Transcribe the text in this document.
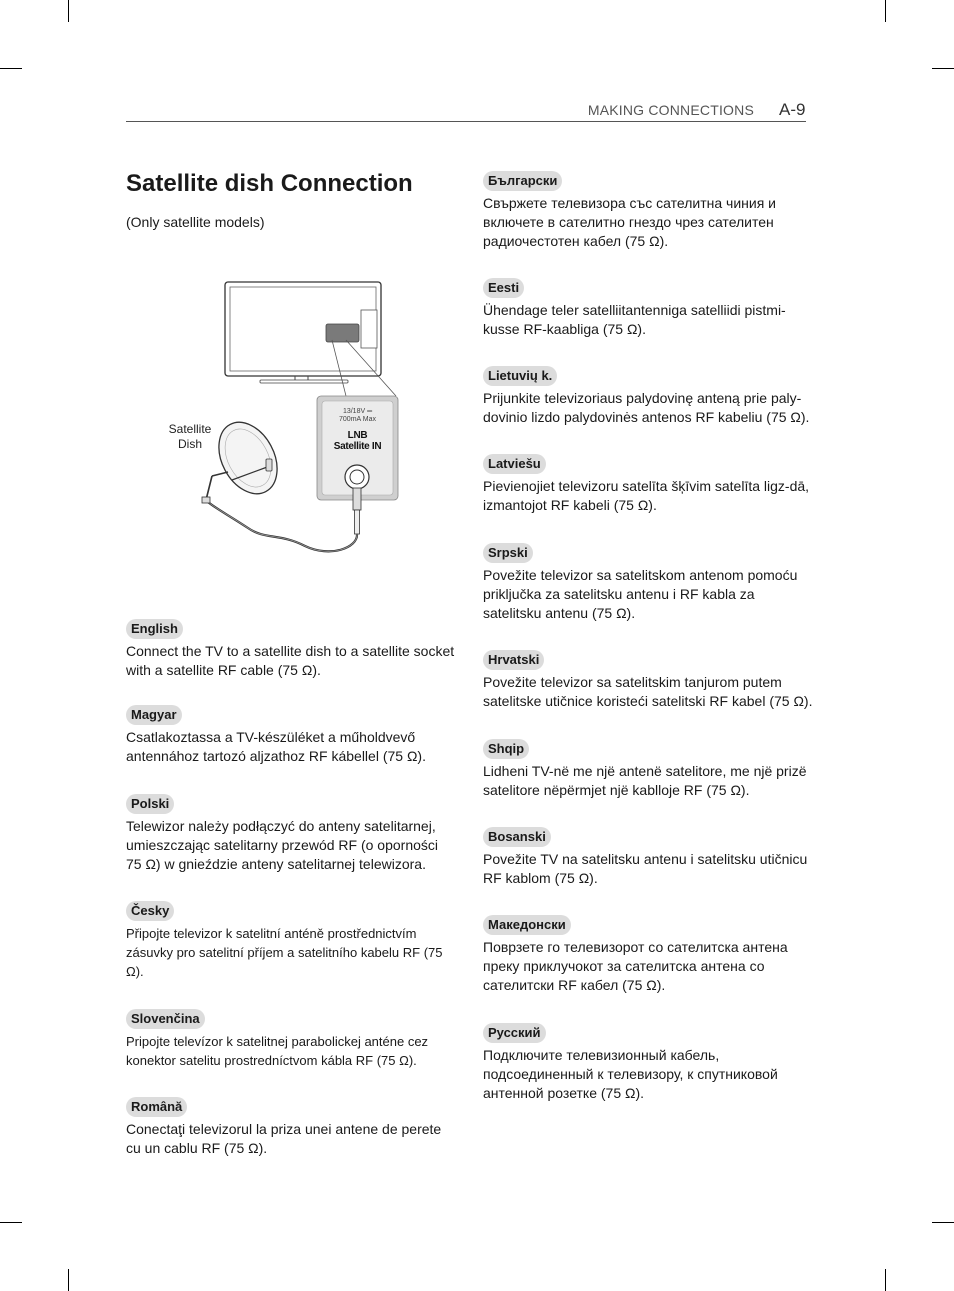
MAKING CONNECTIONS A-9
Satellite dish Connection
(Only satellite models)
Satellite
Dish
13/18V ═
700mA Max
LNB
Satellite IN
English
Connect the TV to a satellite dish to a satellite socket with a satellite RF cable (75 Ω).
Magyar
Csatlakoztassa a TV-készüléket a műholdvevő antennához tartozó aljzathoz RF kábellel (75 Ω).
Polski
Telewizor należy podłączyć do anteny satelitarnej, umieszczając satelitarny przewód RF (o oporności 75 Ω) w gnieździe anteny satelitarnej telewizora.
Česky
Připojte televizor k satelitní anténě prostřednictvím zásuvky pro satelitní příjem a satelitního kabelu RF (75 Ω).
Slovenčina
Pripojte televízor k satelitnej parabolickej anténe cez konektor satelitu prostredníctvom kábla RF (75 Ω).
Română
Conectaţi televizorul la priza unei antene de perete cu un cablu RF (75 Ω).
Български
Свържете телевизора със сателитна чиния и включете в сателитно гнездо чрез сателитен радиочестотен кабел (75 Ω).
Eesti
Ühendage teler satelliitantenniga satelliidi pistmi-kusse RF-kaabliga (75 Ω).
Lietuvių k.
Prijunkite televizoriaus palydovinę anteną prie paly-dovinio lizdo palydovinės antenos RF kabeliu (75 Ω).
Latviešu
Pievienojiet televizoru satelīta šķīvim satelīta ligz-dā, izmantojot RF kabeli (75 Ω).
Srpski
Povežite televizor sa satelitskom antenom pomoću priključka za satelitsku antenu i RF kabla za satelitsku antenu (75 Ω).
Hrvatski
Povežite televizor sa satelitskim tanjurom putem satelitske utičnice koristeći satelitski RF kabel (75 Ω).
Shqip
Lidheni TV-në me një antenë satelitore, me një prizë satelitore nëpërmjet një kablloje RF (75 Ω).
Bosanski
Povežite TV na satelitsku antenu i satelitsku utičnicu RF kablom (75 Ω).
Македонски
Поврзете го телевизорот со сателитска антена преку приклучокот за сателитска антена со сателитски RF кабел (75 Ω).
Русский
Подключите телевизионный кабель, подсоединенный к телевизору, к спутниковой антенной розетке (75 Ω).
